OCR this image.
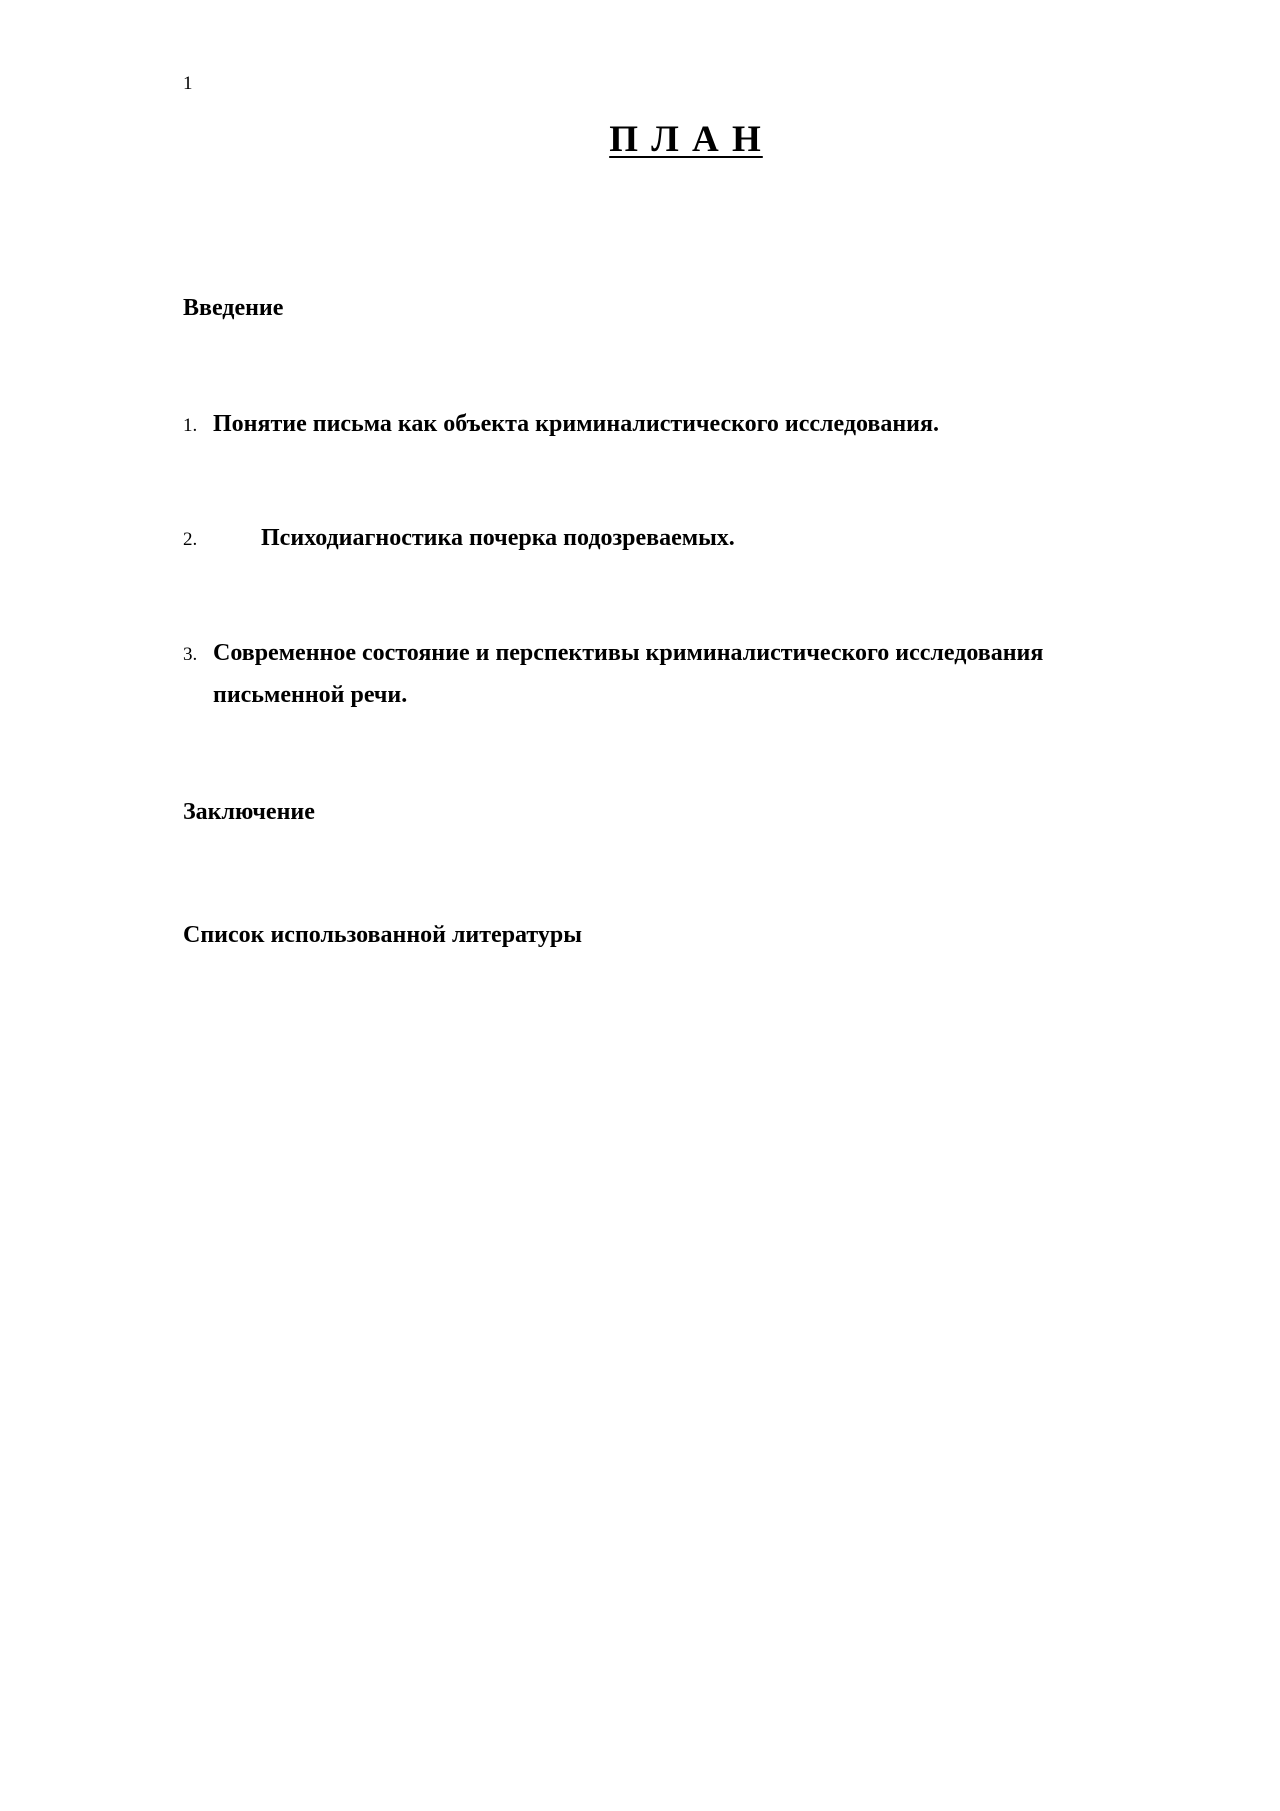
1
П Л А Н
Введение
1. Понятие письма как объекта криминалистического исследования.
2.	Психодиагностика почерка подозреваемых.
3. Современное состояние и перспективы криминалистического исследования письменной речи.
Заключение
Список использованной литературы
